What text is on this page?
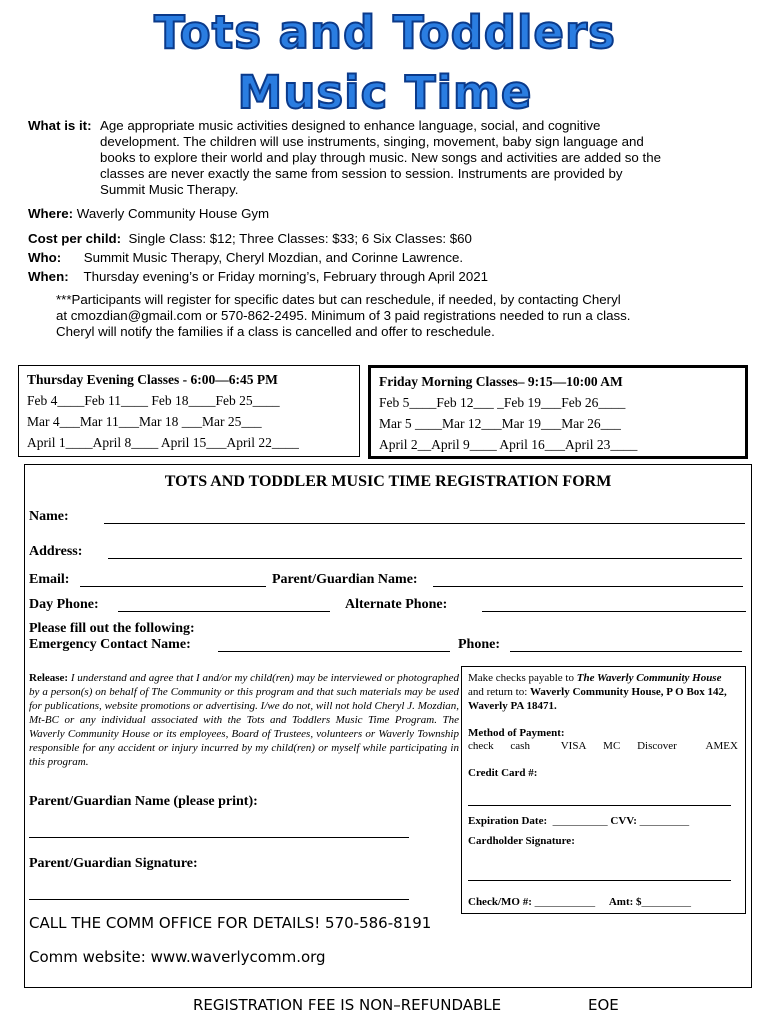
Tots and Toddlers
Music Time
What is it: Age appropriate music activities designed to enhance language, social, and cognitive development. The children will use instruments, singing, movement, baby sign language and books to explore their world and play through music. New songs and activities are added so the classes are never exactly the same from session to session. Instruments are provided by Summit Music Therapy.
Where: Waverly Community House Gym
Cost per child: Single Class: $12; Three Classes: $33; 6 Six Classes: $60
Who: Summit Music Therapy, Cheryl Mozdian, and Corinne Lawrence.
When: Thursday evening’s or Friday morning’s, February through April 2021
***Participants will register for specific dates but can reschedule, if needed, by contacting Cheryl
at cmozdian@gmail.com or 570-862-2495. Minimum of 3 paid registrations needed to run a class.
Cheryl will notify the families if a class is cancelled and offer to reschedule.
Thursday Evening Classes - 6:00—6:45 PM
Feb 4____Feb 11____ Feb 18____Feb 25____
Mar 4___Mar 11___Mar 18 ___Mar 25___
April 1____April 8____ April 15___April 22____
Friday Morning Classes– 9:15—10:00 AM
Feb 5____Feb 12___ _Feb 19___Feb 26____
Mar 5 ____Mar 12___Mar 19___Mar 26___
April 2__April 9____ April 16___April 23____
TOTS AND TODDLER MUSIC TIME REGISTRATION FORM
Name:
Address:
Email:	Parent/Guardian Name:
Day Phone:	Alternate Phone:
Please fill out the following:
Emergency Contact Name:	Phone:
Release: I understand and agree that I and/or my child(ren) may be interviewed or photographed by a person(s) on behalf of The Community or this program and that such materials may be used for publications, website promotions or advertising. I/we do not, will not hold Cheryl J. Mozdian, Mt-BC or any individual associated with the Tots and Toddlers Music Time Program. The Waverly Community House or its employees, Board of Trustees, volunteers or Waverly Township responsible for any accident or injury incurred by my child(ren) or myself while participating in this program.
Parent/Guardian Name (please print):
Parent/Guardian Signature:
CALL THE COMM OFFICE FOR DETAILS! 570-586-8191
Comm website: www.waverlycomm.org
Make checks payable to The Waverly Community House and return to: Waverly Community House, P O Box 142, Waverly PA 18471.
Method of Payment:
check cash	VISA MC Discover	AMEX
Credit Card #:
Expiration Date: __________ CVV: _________
Cardholder Signature:
Check/MO #: ___________ Amt: $_________
REGISTRATION FEE IS NON–REFUNDABLE	EOE
